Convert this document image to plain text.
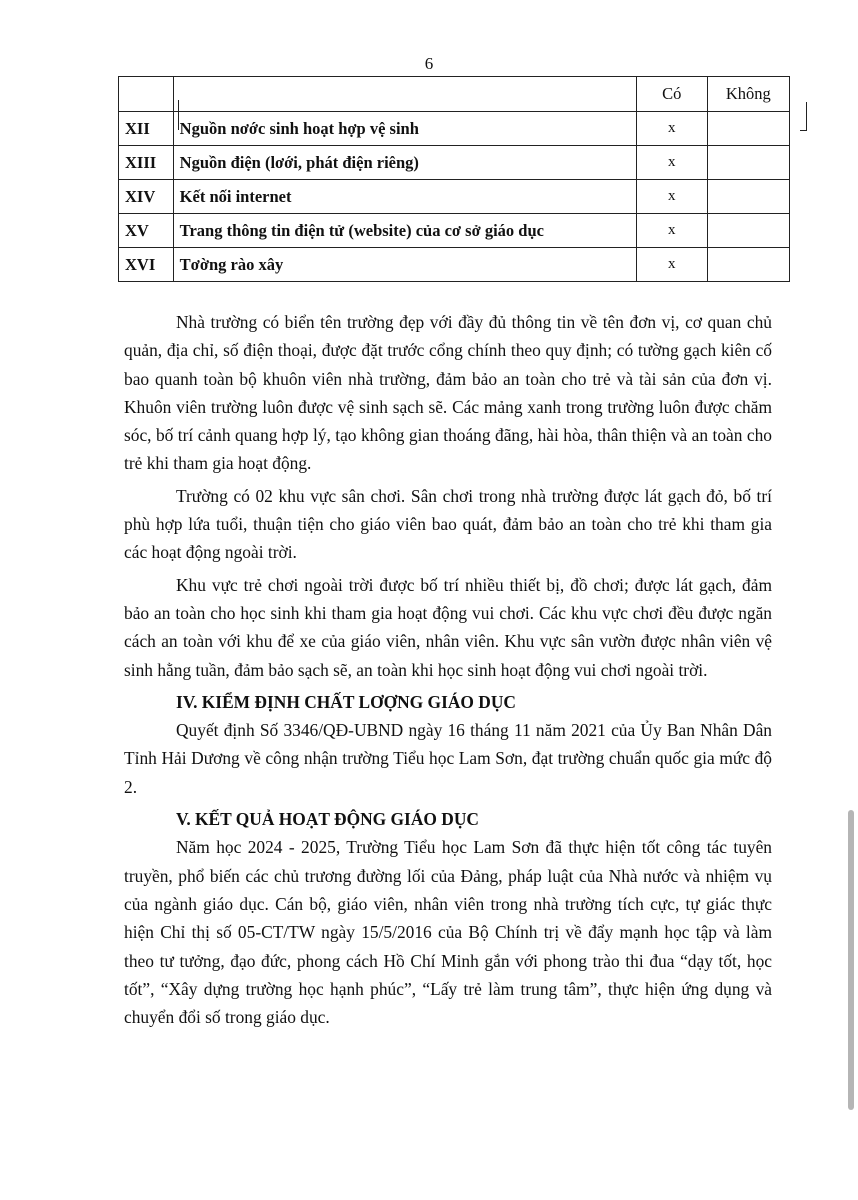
6
		Có	Không
XII	Nguồn nơớc sinh hoạt hợp vệ sinh	x	
XIII	Nguồn điện (lơới, phát điện riêng)	x	
XIV	Kết nối internet	x	
XV	Trang thông tin điện tử (website) của cơ sở giáo dục	x	
XVI	Tơờng rào xây	x	

Nhà trường có biển tên trường đẹp với đầy đủ thông tin về tên đơn vị, cơ quan chủ quản, địa chỉ, số điện thoại, được đặt trước cổng chính theo quy định; có tường gạch kiên cố bao quanh toàn bộ khuôn viên nhà trường, đảm bảo an toàn cho trẻ và tài sản của đơn vị. Khuôn viên trường luôn được vệ sinh sạch sẽ. Các mảng xanh trong trường luôn được chăm sóc, bố trí cảnh quang hợp lý, tạo không gian thoáng đãng, hài hòa, thân thiện và an toàn cho trẻ khi tham gia hoạt động.

Trường có 02 khu vực sân chơi. Sân chơi trong nhà trường được lát gạch đỏ, bố trí phù hợp lứa tuổi, thuận tiện cho giáo viên bao quát, đảm bảo an toàn cho trẻ khi tham gia các hoạt động ngoài trời.

Khu vực trẻ chơi ngoài trời được bố trí nhiều thiết bị, đồ chơi; được lát gạch, đảm bảo an toàn cho học sinh khi tham gia hoạt động vui chơi. Các khu vực chơi đều được ngăn cách an toàn với khu để xe của giáo viên, nhân viên. Khu vực sân vườn được nhân viên vệ sinh hằng tuần, đảm bảo sạch sẽ, an toàn khi học sinh hoạt động vui chơi ngoài trời.

IV. KIỂM ĐỊNH CHẤT LƠỢNG GIÁO DỤC

Quyết định Số 3346/QĐ-UBND ngày 16 tháng 11 năm 2021 của Ủy Ban Nhân Dân Tỉnh Hải Dương về công nhận trường Tiểu học Lam Sơn, đạt trường chuẩn quốc gia mức độ 2.

V. KẾT QUẢ HOẠT ĐỘNG GIÁO DỤC

Năm học 2024 - 2025, Trường Tiểu học Lam Sơn đã thực hiện tốt công tác tuyên truyền, phổ biến các chủ trương đường lối của Đảng, pháp luật của Nhà nước và nhiệm vụ của ngành giáo dục. Cán bộ, giáo viên, nhân viên trong nhà trường tích cực, tự giác thực hiện Chỉ thị số 05-CT/TW ngày 15/5/2016 của Bộ Chính trị về đẩy mạnh học tập và làm theo tư tưởng, đạo đức, phong cách Hồ Chí Minh gắn với phong trào thi đua “dạy tốt, học tốt”, “Xây dựng trường học hạnh phúc”, “Lấy trẻ làm trung tâm”, thực hiện ứng dụng và chuyển đổi số trong giáo dục.
